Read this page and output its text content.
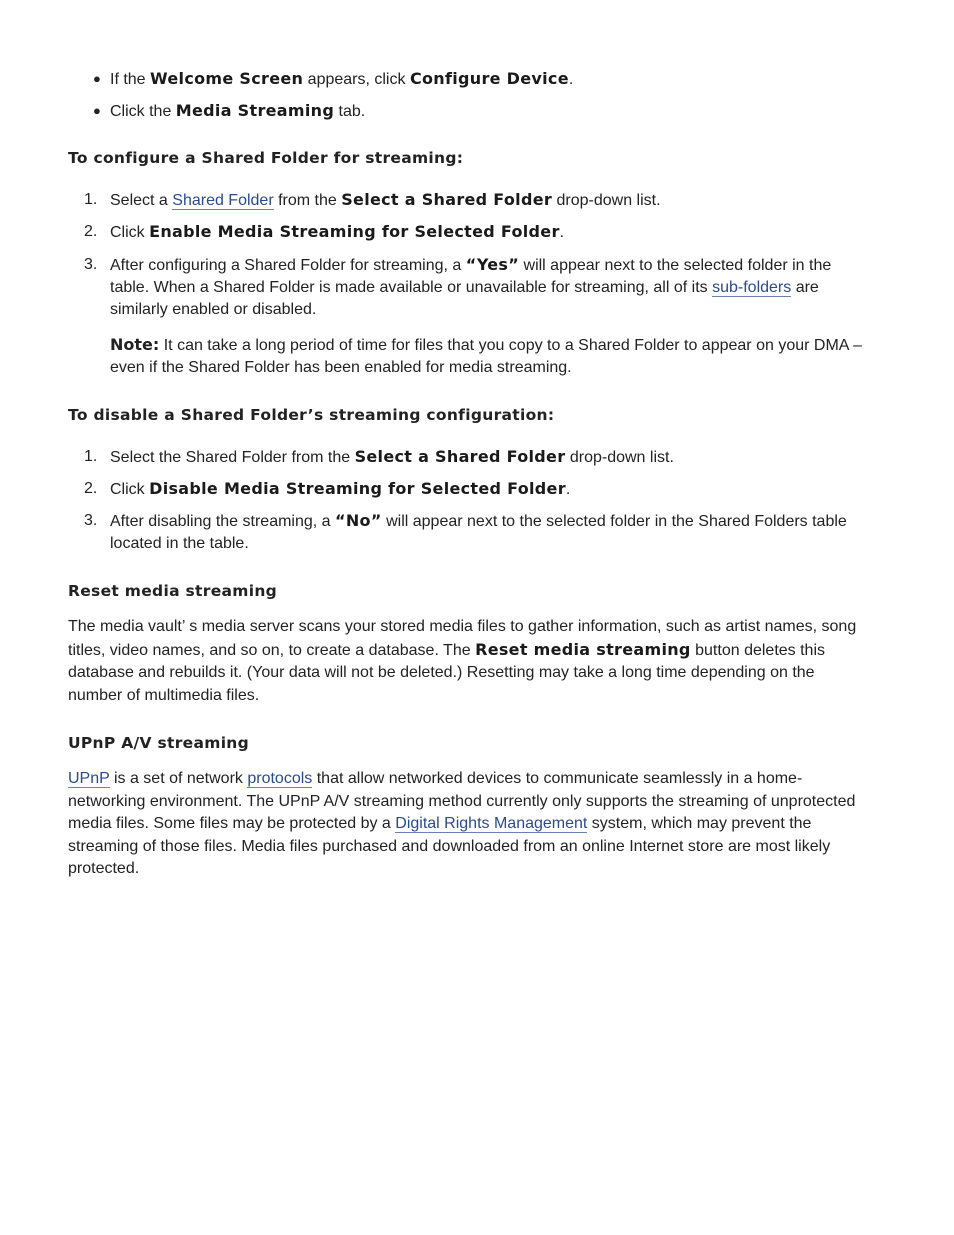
● If the Welcome Screen appears, click Configure Device.
● Click the Media Streaming tab.
To configure a Shared Folder for streaming:
1. Select a Shared Folder from the Select a Shared Folder drop-down list.
2. Click Enable Media Streaming for Selected Folder.
3. After configuring a Shared Folder for streaming, a “Yes” will appear next to the selected folder in the table. When a Shared Folder is made available or unavailable for streaming, all of its sub-folders are similarly enabled or disabled.
Note: It can take a long period of time for files that you copy to a Shared Folder to appear on your DMA – even if the Shared Folder has been enabled for media streaming.
To disable a Shared Folder’s streaming configuration:
1. Select the Shared Folder from the Select a Shared Folder drop-down list.
2. Click Disable Media Streaming for Selected Folder.
3. After disabling the streaming, a “No” will appear next to the selected folder in the Shared Folders table located in the table.
Reset media streaming
The media vault’ s media server scans your stored media files to gather information, such as artist names, song titles, video names, and so on, to create a database. The Reset media streaming button deletes this database and rebuilds it. (Your data will not be deleted.) Resetting may take a long time depending on the number of multimedia files.
UPnP A/V streaming
UPnP is a set of network protocols that allow networked devices to communicate seamlessly in a home-networking environment. The UPnP A/V streaming method currently only supports the streaming of unprotected media files. Some files may be protected by a Digital Rights Management system, which may prevent the streaming of those files. Media files purchased and downloaded from an online Internet store are most likely protected.
